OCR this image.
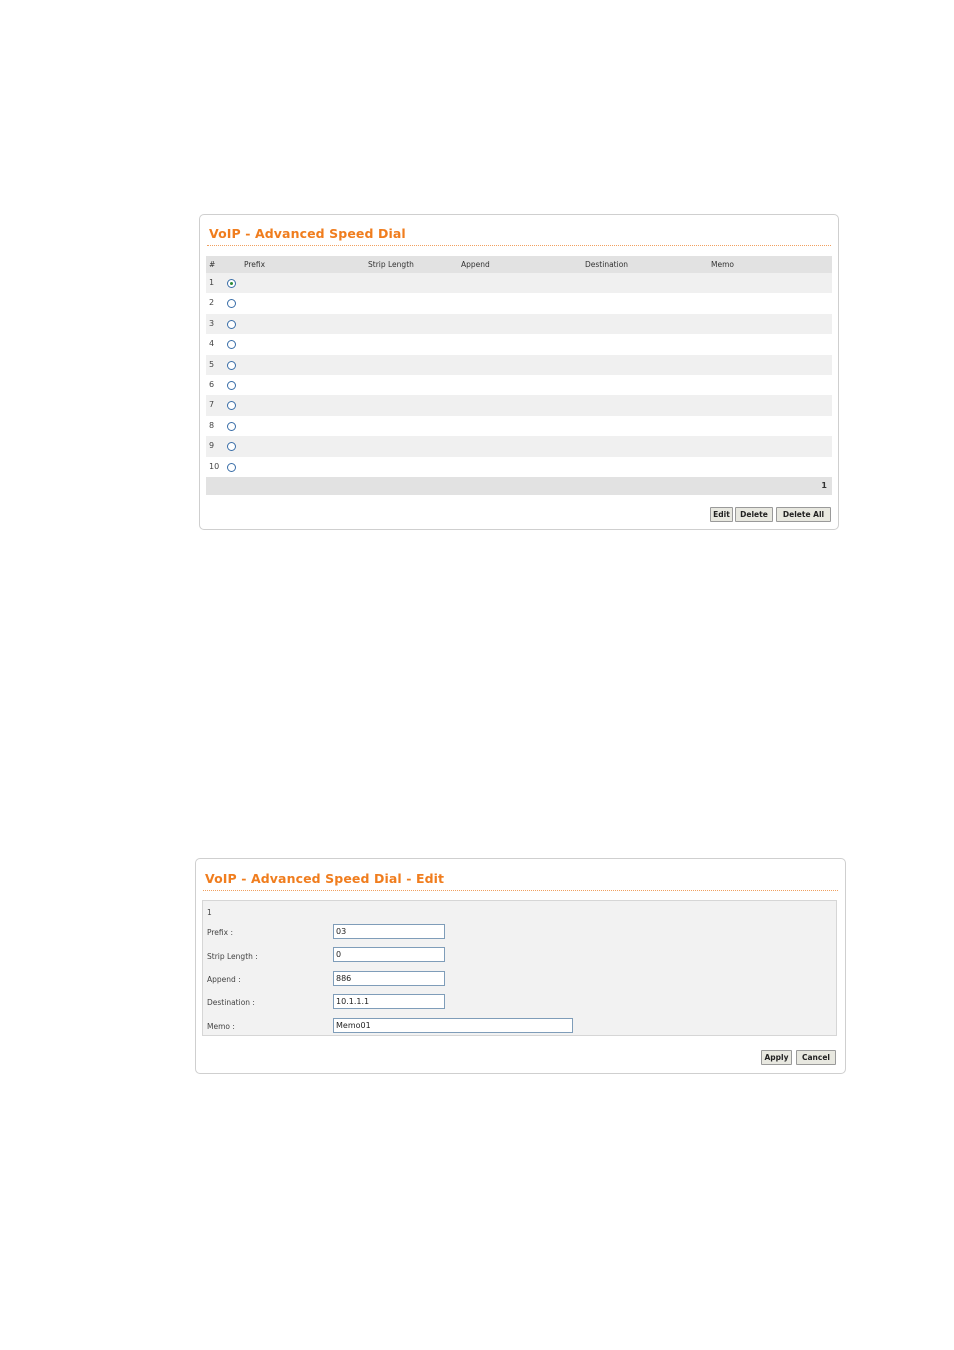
VoIP - Advanced Speed Dial
#	Prefix	Strip Length	Append	Destination	Memo
1
2
3
4
5
6
7
8
9
10
1
Edit	Delete	Delete All
VoIP - Advanced Speed Dial - Edit
1
Prefix :	03
Strip Length :	0
Append :	886
Destination :	10.1.1.1
Memo :	Memo01
Apply	Cancel
